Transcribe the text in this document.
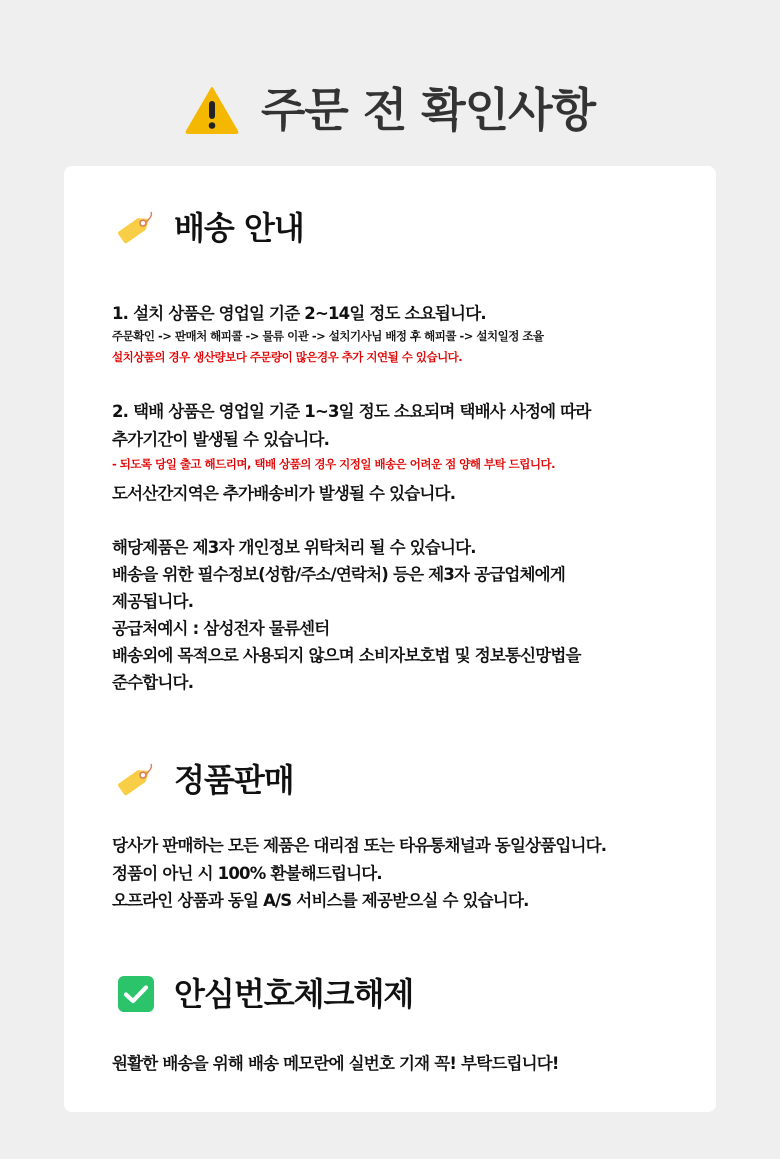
주문 전 확인사항
배송 안내
1. 설치 상품은 영업일 기준 2~14일 정도 소요됩니다.
주문확인 -> 판매처 해피콜 -> 물류 이관 -> 설치기사님 배정 후 해피콜 -> 설치일정 조율
설치상품의 경우 생산량보다 주문량이 많은경우 추가 지연될 수 있습니다.
2. 택배 상품은 영업일 기준 1~3일 정도 소요되며 택배사 사정에 따라
추가기간이 발생될 수 있습니다.
- 되도록 당일 출고 해드리며, 택배 상품의 경우 지정일 배송은 어려운 점 양해 부탁 드립니다.
도서산간지역은 추가배송비가 발생될 수 있습니다.
해당제품은 제3자 개인정보 위탁처리 될 수 있습니다.
배송을 위한 필수정보(성함/주소/연락처) 등은 제3자 공급업체에게
제공됩니다.
공급처예시 : 삼성전자 물류센터
배송외에 목적으로 사용되지 않으며 소비자보호법 및 정보통신망법을
준수합니다.
정품판매
당사가 판매하는 모든 제품은 대리점 또는 타유통채널과 동일상품입니다.
정품이 아닌 시 100% 환불해드립니다.
오프라인 상품과 동일 A/S 서비스를 제공받으실 수 있습니다.
안심번호체크해제
원활한 배송을 위해 배송 메모란에 실번호 기재 꼭! 부탁드립니다!
